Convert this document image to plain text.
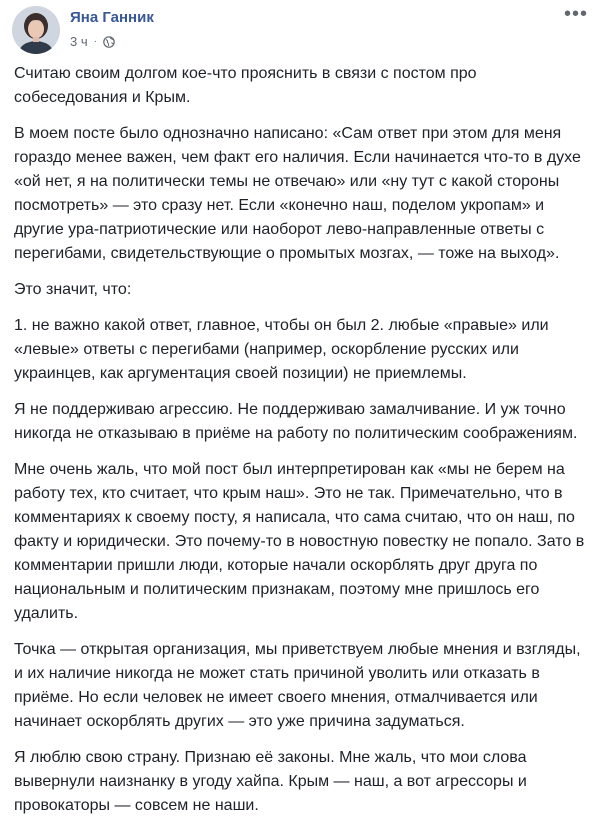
Яна Ганник
3 ч ·
•••

Считаю своим долгом кое-что прояснить в связи с постом про собеседования и Крым.

В моем посте было однозначно написано: «Сам ответ при этом для меня гораздо менее важен, чем факт его наличия. Если начинается что-то в духе «ой нет, я на политически темы не отвечаю» или «ну тут с какой стороны посмотреть» — это сразу нет. Если «конечно наш, поделом укропам» и другие ура-патриотические или наоборот лево-направленные ответы с перегибами, свидетельствующие о промытых мозгах, — тоже на выход».

Это значит, что:

1. не важно какой ответ, главное, чтобы он был 2. любые «правые» или «левые» ответы с перегибами (например, оскорбление русских или украинцев, как аргументация своей позиции) не приемлемы.

Я не поддерживаю агрессию. Не поддерживаю замалчивание. И уж точно никогда не отказываю в приёме на работу по политическим соображениям.

Мне очень жаль, что мой пост был интерпретирован как «мы не берем на работу тех, кто считает, что крым наш». Это не так. Примечательно, что в комментариях к своему посту, я написала, что сама считаю, что он наш, по факту и юридически. Это почему-то в новостную повестку не попало. Зато в комментарии пришли люди, которые начали оскорблять друг друга по национальным и политическим признакам, поэтому мне пришлось его удалить.

Точка — открытая организация, мы приветствуем любые мнения и взгляды, и их наличие никогда не может стать причиной уволить или отказать в приёме. Но если человек не имеет своего мнения, отмалчивается или начинает оскорблять других — это уже причина задуматься.

Я люблю свою страну. Признаю её законы. Мне жаль, что мои слова вывернули наизнанку в угоду хайпа. Крым — наш, а вот агрессоры и провокаторы — совсем не наши.
